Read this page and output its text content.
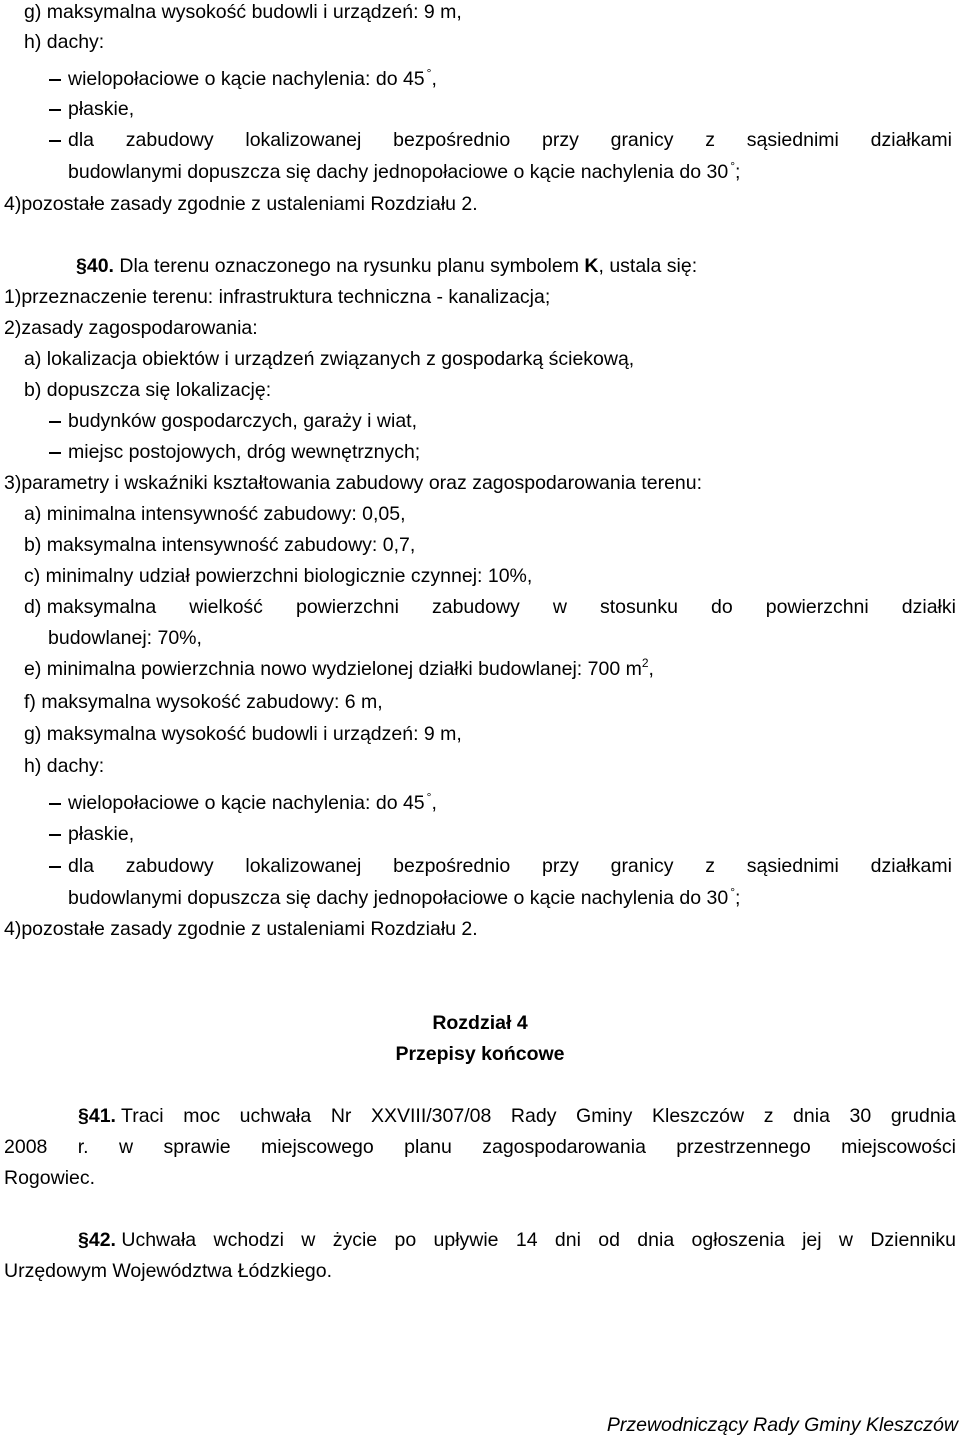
g) maksymalna wysokość budowli i urządzeń: 9 m,
h) dachy:
wielopołaciowe o kącie nachylenia: do 45 °,
płaskie,
dla zabudowy lokalizowanej bezpośrednio przy granicy z sąsiednimi działkami
budowlanymi dopuszcza się dachy jednopołaciowe o kącie nachylenia do 30 °;
4)pozostałe zasady zgodnie z ustaleniami Rozdziału 2.
§40. Dla terenu oznaczonego na rysunku planu symbolem K, ustala się:
1)przeznaczenie terenu: infrastruktura techniczna - kanalizacja;
2)zasady zagospodarowania:
a) lokalizacja obiektów i urządzeń związanych z gospodarką ściekową,
b) dopuszcza się lokalizację:
budynków gospodarczych, garaży i wiat,
miejsc postojowych, dróg wewnętrznych;
3)parametry i wskaźniki kształtowania zabudowy oraz zagospodarowania terenu:
a) minimalna intensywność zabudowy: 0,05,
b) maksymalna intensywność zabudowy: 0,7,
c) minimalny udział powierzchni biologicznie czynnej: 10%,
d) maksymalna wielkość powierzchni zabudowy w stosunku do powierzchni działki
budowlanej: 70%,
e) minimalna powierzchnia nowo wydzielonej działki budowlanej: 700 $m^2$,
f) maksymalna wysokość zabudowy: 6 m,
g) maksymalna wysokość budowli i urządzeń: 9 m,
h) dachy:
wielopołaciowe o kącie nachylenia: do 45 °,
płaskie,
dla zabudowy lokalizowanej bezpośrednio przy granicy z sąsiednimi działkami
budowlanymi dopuszcza się dachy jednopołaciowe o kącie nachylenia do 30 °;
4)pozostałe zasady zgodnie z ustaleniami Rozdziału 2.
Rozdział 4
Przepisy końcowe
§41. Traci moc uchwała Nr XXVIII/307/08 Rady Gminy Kleszczów z dnia 30 grudnia
2008 r. w sprawie miejscowego planu zagospodarowania przestrzennego miejscowości
Rogowiec.
§42. Uchwała wchodzi w życie po upływie 14 dni od dnia ogłoszenia jej w Dzienniku
Urzędowym Województwa Łódzkiego.
Przewodniczący Rady Gminy Kleszczów
